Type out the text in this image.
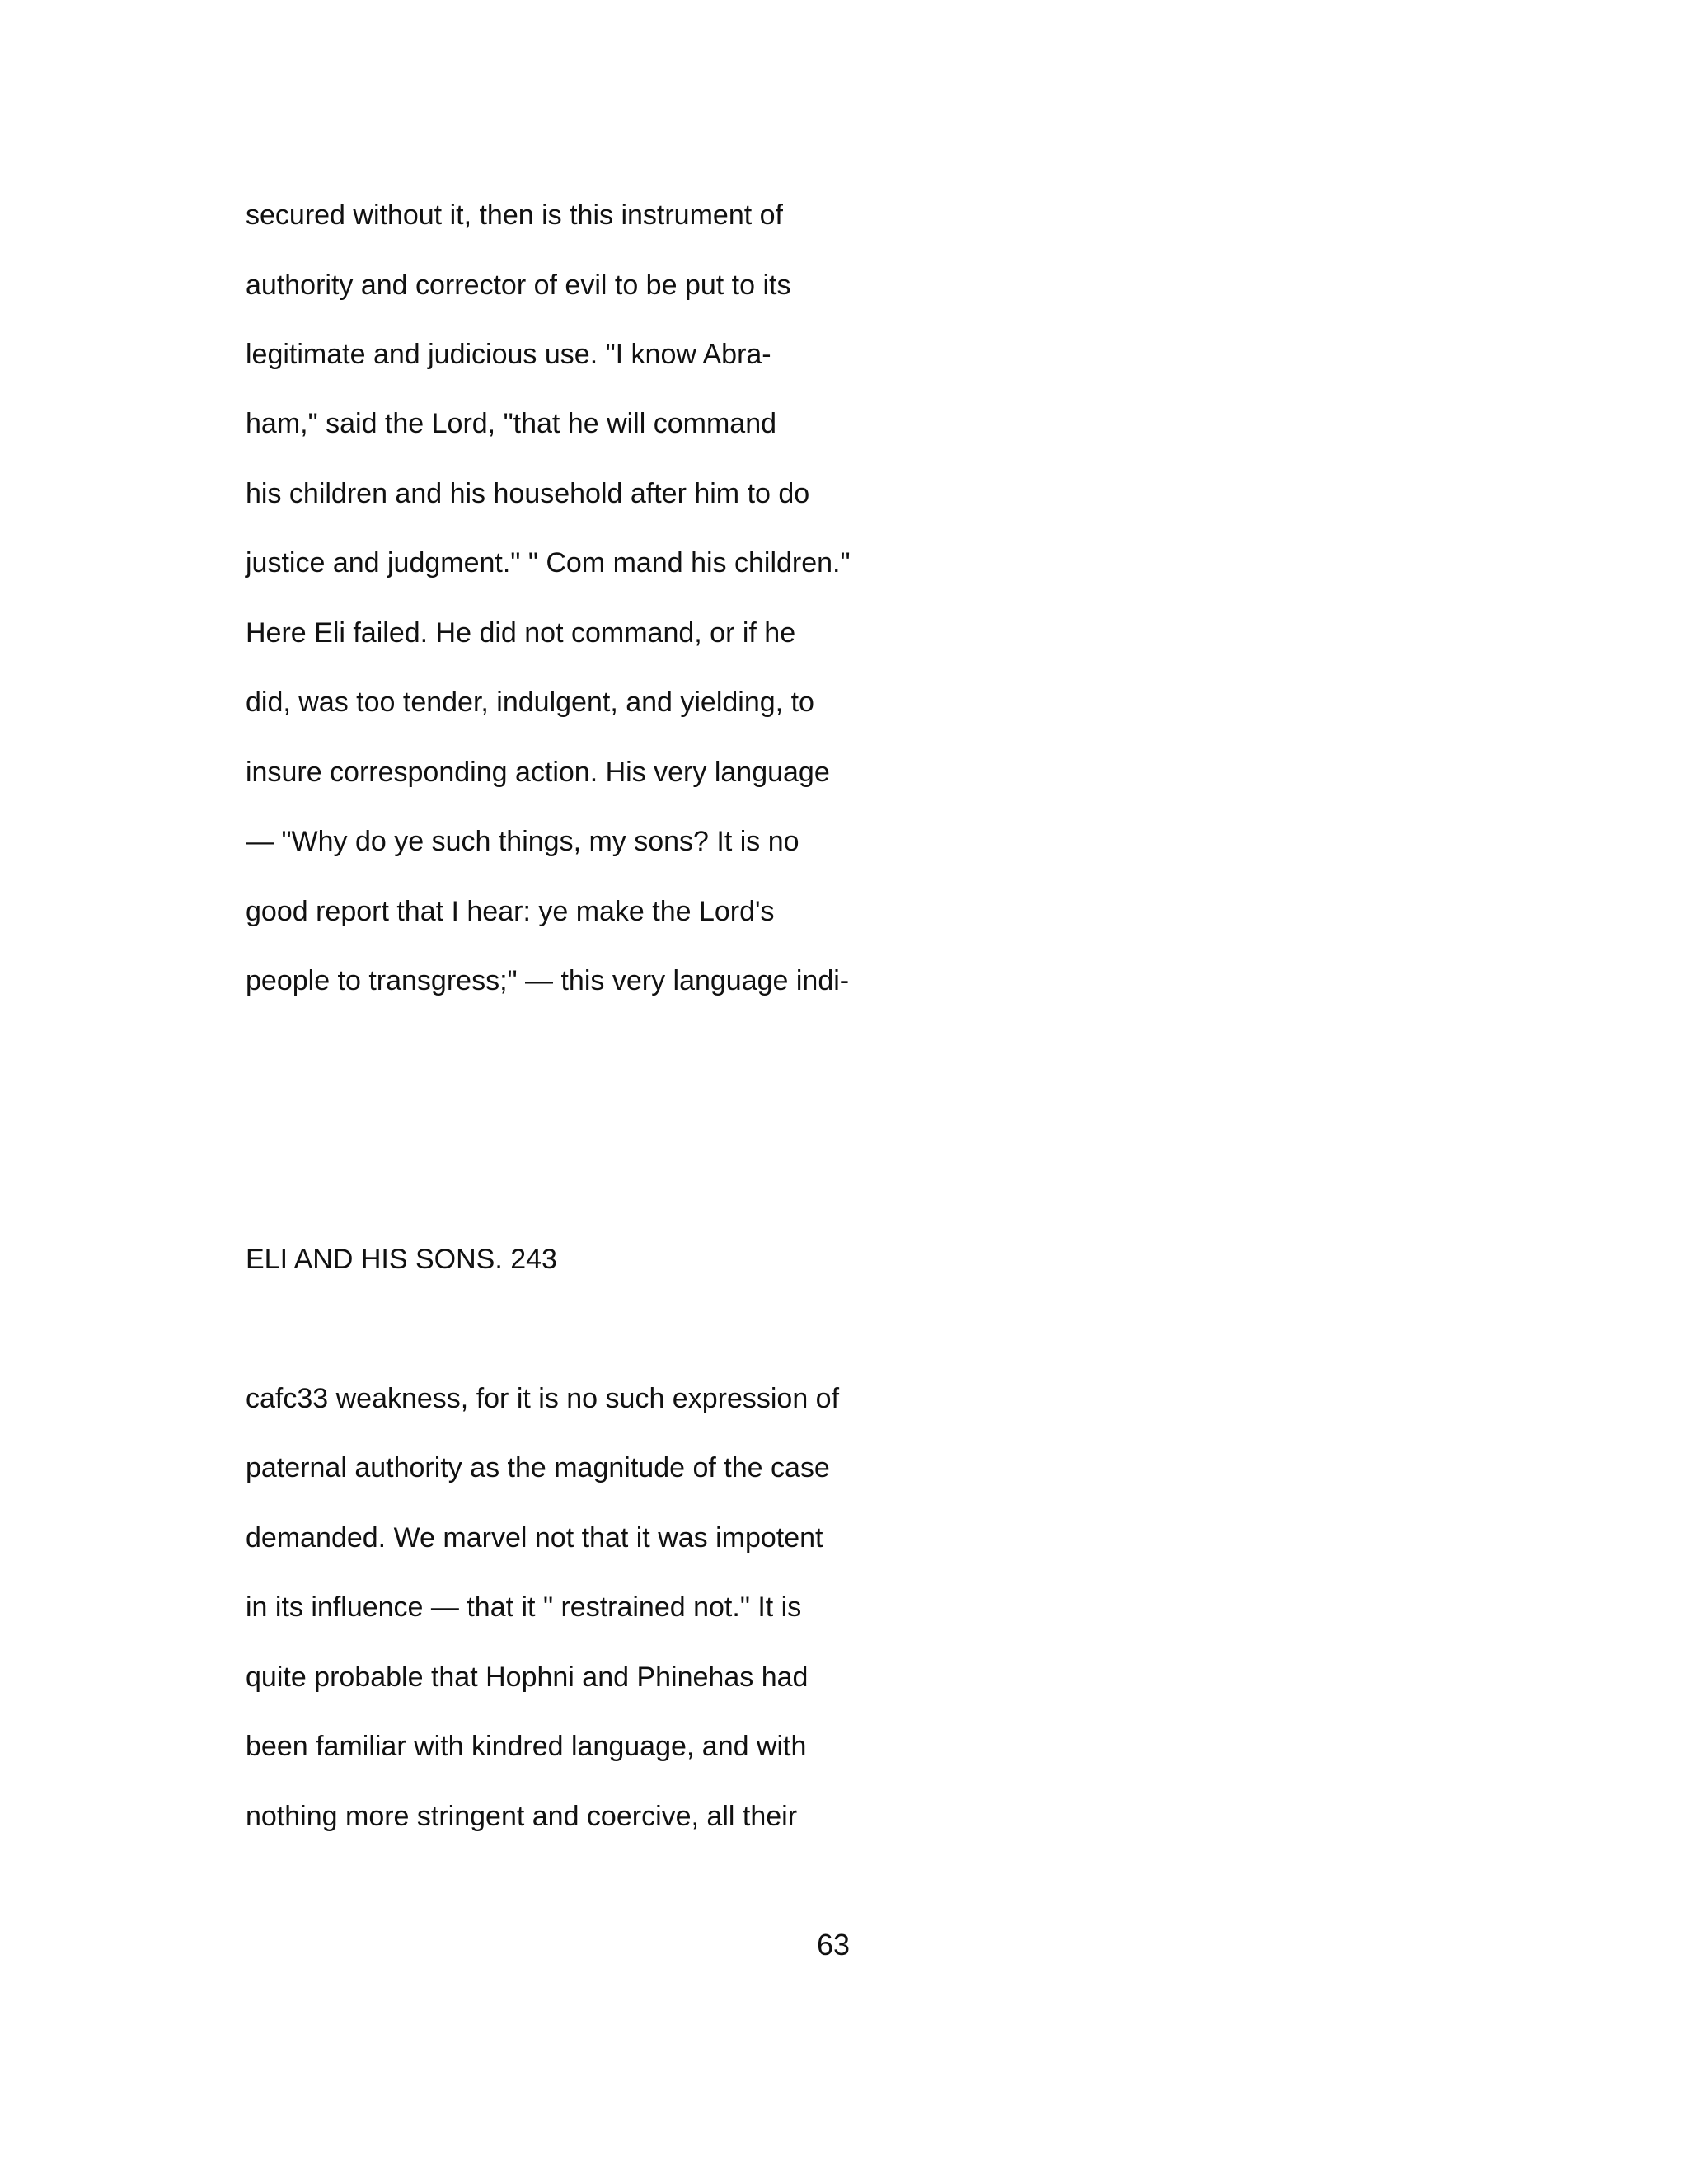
secured without it, then is this instrument of
authority and corrector of evil to be put to its
legitimate and judicious use. "I know Abra-
ham," said the Lord, "that he will command
his children and his household after him to do
justice and judgment." " Com mand his children."
Here Eli failed. He did not command, or if he
did, was too tender, indulgent, and yielding, to
insure corresponding action. His very language
— "Why do ye such things, my sons? It is no
good report that I hear: ye make the Lord's
people to transgress;" — this very language indi-
ELI AND HIS SONS. 243
cafc33 weakness, for it is no such expression of
paternal authority as the magnitude of the case
demanded. We marvel not that it was impotent
in its influence — that it " restrained not." It is
quite probable that Hophni and Phinehas had
been familiar with kindred language, and with
nothing more stringent and coercive, all their
63
